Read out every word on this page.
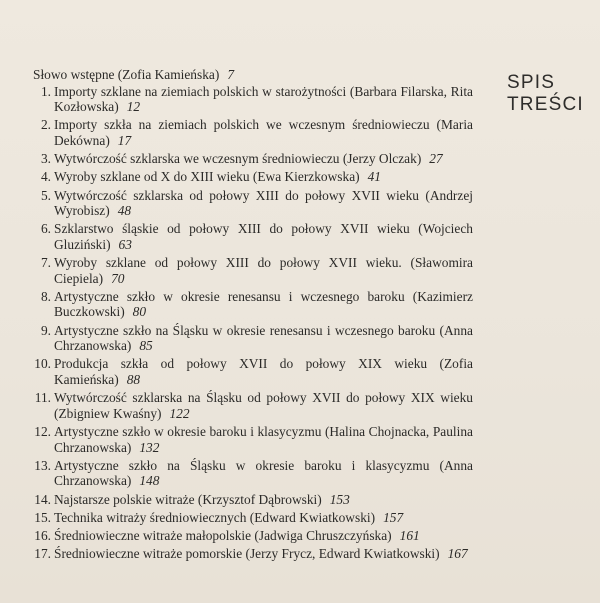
SPIS
TREŚCI
Słowo wstępne (Zofia Kamieńska) 7
1. Importy szklane na ziemiach polskich w starożytności (Barbara Filarska, Rita Kozłowska) 12
2. Importy szkła na ziemiach polskich we wczesnym średniowieczu (Maria Dekówna) 17
3. Wytwórczość szklarska we wczesnym średniowieczu (Jerzy Olczak) 27
4. Wyroby szklane od X do XIII wieku (Ewa Kierzkowska) 41
5. Wytwórczość szklarska od połowy XIII do połowy XVII wieku (Andrzej Wyrobisz) 48
6. Szklarstwo śląskie od połowy XIII do połowy XVII wieku (Wojciech Gluziński) 63
7. Wyroby szklane od połowy XIII do połowy XVII wieku. (Sławomira Ciepiela) 70
8. Artystyczne szkło w okresie renesansu i wczesnego baroku (Kazimierz Buczkowski) 80
9. Artystyczne szkło na Śląsku w okresie renesansu i wczesnego baroku (Anna Chrzanowska) 85
10. Produkcja szkła od połowy XVII do połowy XIX wieku (Zofia Kamieńska) 88
11. Wytwórczość szklarska na Śląsku od połowy XVII do połowy XIX wieku (Zbigniew Kwaśny) 122
12. Artystyczne szkło w okresie baroku i klasycyzmu (Halina Chojnacka, Paulina Chrzanowska) 132
13. Artystyczne szkło na Śląsku w okresie baroku i klasycyzmu (Anna Chrzanowska) 148
14. Najstarsze polskie witraże (Krzysztof Dąbrowski) 153
15. Technika witraży średniowiecznych (Edward Kwiatkowski) 157
16. Średniowieczne witraże małopolskie (Jadwiga Chruszczyńska) 161
17. Średniowieczne witraże pomorskie (Jerzy Frycz, Edward Kwiatkowski) 167
